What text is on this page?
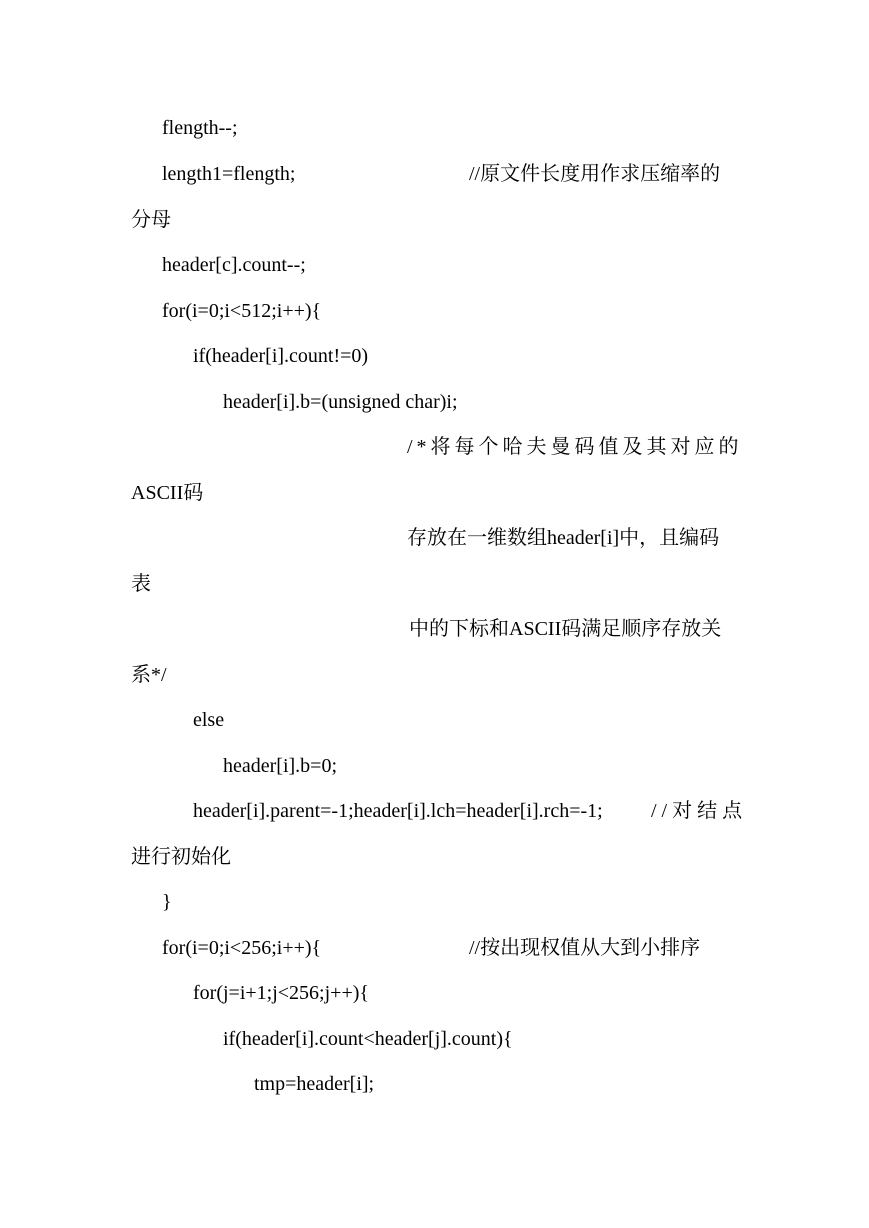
flength--;

length1=flength;	//原文件长度用作求压缩率的

分母

header[c].count--;

for(i=0;i<512;i++){

if(header[i].count!=0)

header[i].b=(unsigned char)i;

/*将每个哈夫曼码值及其对应的

ASCII码

存放在一维数组header[i]中，且编码

表

中的下标和ASCII码满足顺序存放关

系*/

else

header[i].b=0;

header[i].parent=-1;header[i].lch=header[i].rch=-1; //对结点

进行初始化

}

for(i=0;i<256;i++){	//按出现权值从大到小排序

for(j=i+1;j<256;j++){

if(header[i].count<header[j].count){

tmp=header[i];
